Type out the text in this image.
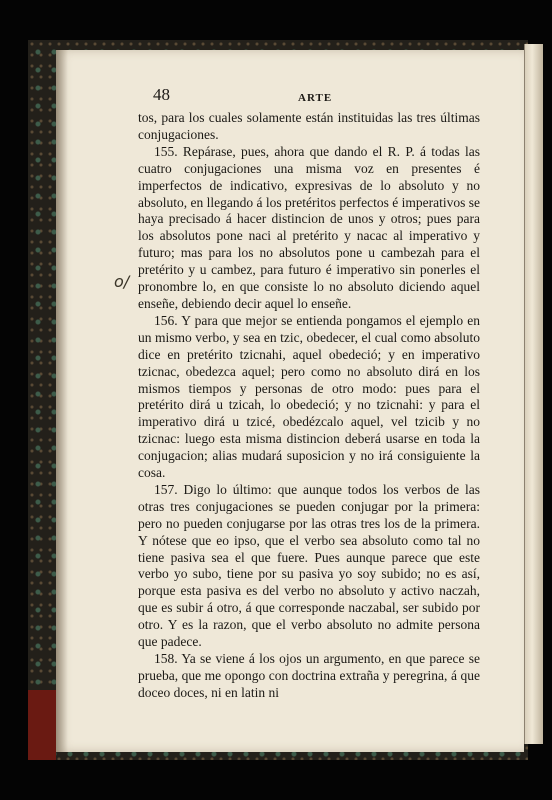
48	ARTE
o/

tos, para los cuales solamente están instituidas las tres últimas conjugaciones.

155. Repárase, pues, ahora que dando el R. P. á todas las cuatro conjugaciones una misma voz en presentes é imperfectos de indicativo, expresivas de lo absoluto y no absoluto, en llegando á los pretéritos perfectos é imperativos se haya precisado á hacer distincion de unos y otros; pues para los absolutos pone naci al pretérito y nacac al imperativo y futuro; mas para los no absolutos pone u cambezah para el pretérito y u cambez, para futuro é imperativo sin ponerles el pronombre lo, en que consiste lo no absoluto diciendo aquel enseñe, debiendo decir aquel lo enseñe.

156. Y para que mejor se entienda pongamos el ejemplo en un mismo verbo, y sea en tzic, obedecer, el cual como absoluto dice en pretérito tzicnahi, aquel obedeció; y en imperativo tzicnac, obedezca aquel; pero como no absoluto dirá en los mismos tiempos y personas de otro modo: pues para el pretérito dirá u tzicah, lo obedeció; y no tzicnahi: y para el imperativo dirá u tzicé, obedézcalo aquel, vel tzicib y no tzicnac: luego esta misma distincion deberá usarse en toda la conjugacion; alias mudará suposicion y no irá consiguiente la cosa.

157. Digo lo último: que aunque todos los verbos de las otras tres conjugaciones se pueden conjugar por la primera: pero no pueden conjugarse por las otras tres los de la primera. Y nótese que eo ipso, que el verbo sea absoluto como tal no tiene pasiva sea el que fuere. Pues aunque parece que este verbo yo subo, tiene por su pasiva yo soy subido; no es así, porque esta pasiva es del verbo no absoluto y activo naczah, que es subir á otro, á que corresponde naczabal, ser subido por otro. Y es la razon, que el verbo absoluto no admite persona que padece.

158. Ya se viene á los ojos un argumento, en que parece se prueba, que me opongo con doctrina extraña y peregrina, á que doceo doces, ni en latin ni
